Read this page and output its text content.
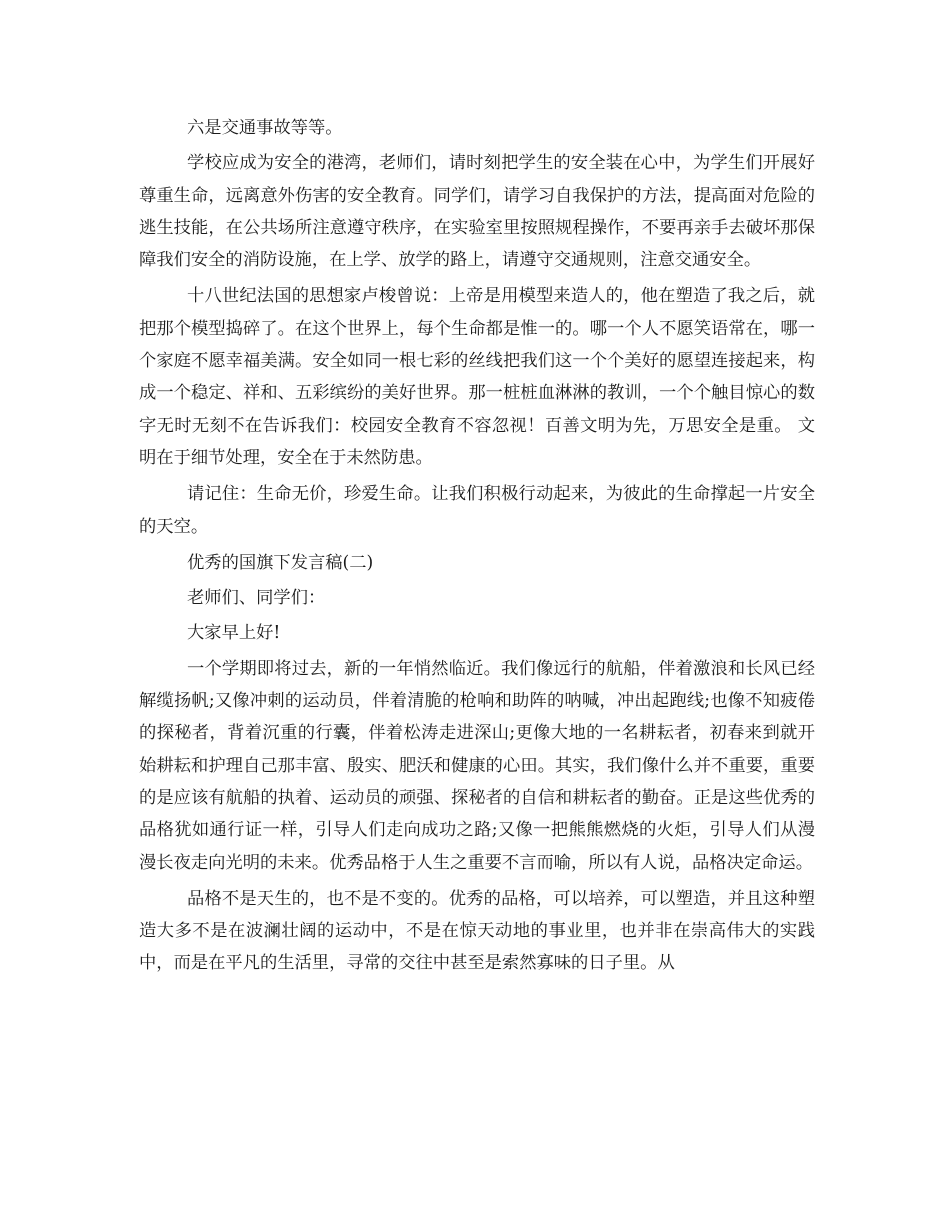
六是交通事故等等。

学校应成为安全的港湾，老师们，请时刻把学生的安全装在心中，为学生们开展好尊重生命，远离意外伤害的安全教育。同学们，请学习自我保护的方法，提高面对危险的逃生技能，在公共场所注意遵守秩序，在实验室里按照规程操作，不要再亲手去破坏那保障我们安全的消防设施，在上学、放学的路上，请遵守交通规则，注意交通安全。

十八世纪法国的思想家卢梭曾说：上帝是用模型来造人的，他在塑造了我之后，就把那个模型捣碎了。在这个世界上，每个生命都是惟一的。哪一个人不愿笑语常在，哪一个家庭不愿幸福美满。安全如同一根七彩的丝线把我们这一个个美好的愿望连接起来，构成一个稳定、祥和、五彩缤纷的美好世界。那一桩桩血淋淋的教训，一个个触目惊心的数字无时无刻不在告诉我们：校园安全教育不容忽视！百善文明为先，万思安全是重。 文明在于细节处理，安全在于未然防患。

请记住：生命无价，珍爱生命。让我们积极行动起来，为彼此的生命撑起一片安全的天空。

优秀的国旗下发言稿(二)

老师们、同学们：

大家早上好!

一个学期即将过去，新的一年悄然临近。我们像远行的航船，伴着激浪和长风已经解缆扬帆;又像冲刺的运动员，伴着清脆的枪响和助阵的呐喊，冲出起跑线;也像不知疲倦的探秘者，背着沉重的行囊，伴着松涛走进深山;更像大地的一名耕耘者，初春来到就开始耕耘和护理自己那丰富、殷实、肥沃和健康的心田。其实，我们像什么并不重要，重要的是应该有航船的执着、运动员的顽强、探秘者的自信和耕耘者的勤奋。正是这些优秀的品格犹如通行证一样，引导人们走向成功之路;又像一把熊熊燃烧的火炬，引导人们从漫漫长夜走向光明的未来。优秀品格于人生之重要不言而喻，所以有人说，品格决定命运。

品格不是天生的，也不是不变的。优秀的品格，可以培养，可以塑造，并且这种塑造大多不是在波澜壮阔的运动中，不是在惊天动地的事业里，也并非在崇高伟大的实践中，而是在平凡的生活里，寻常的交往中甚至是索然寡味的日子里。从
